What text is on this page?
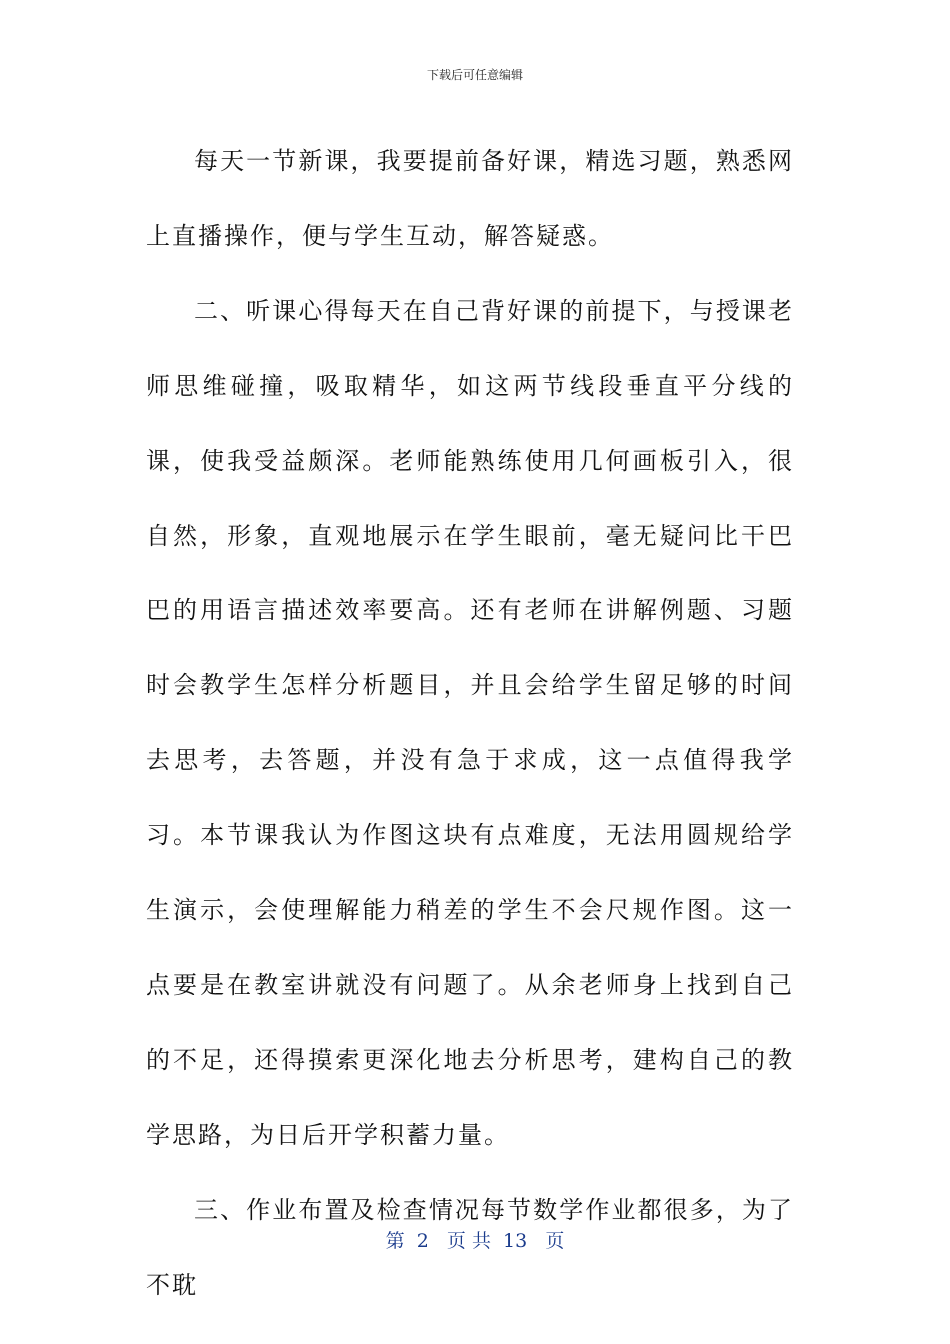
下载后可任意编辑

每天一节新课，我要提前备好课，精选习题，熟悉网上直播操作，便与学生互动，解答疑惑。

二、听课心得每天在自己背好课的前提下，与授课老师思维碰撞，吸取精华，如这两节线段垂直平分线的课，使我受益颇深。老师能熟练使用几何画板引入，很自然，形象，直观地展示在学生眼前，毫无疑问比干巴巴的用语言描述效率要高。还有老师在讲解例题、习题时会教学生怎样分析题目，并且会给学生留足够的时间去思考，去答题，并没有急于求成，这一点值得我学习。本节课我认为作图这块有点难度，无法用圆规给学生演示，会使理解能力稍差的学生不会尺规作图。这一点要是在教室讲就没有问题了。从余老师身上找到自己的不足，还得摸索更深化地去分析思考，建构自己的教学思路，为日后开学积蓄力量。

三、作业布置及检查情况每节数学作业都很多，为了不耽

第  2   页 共  13   页
